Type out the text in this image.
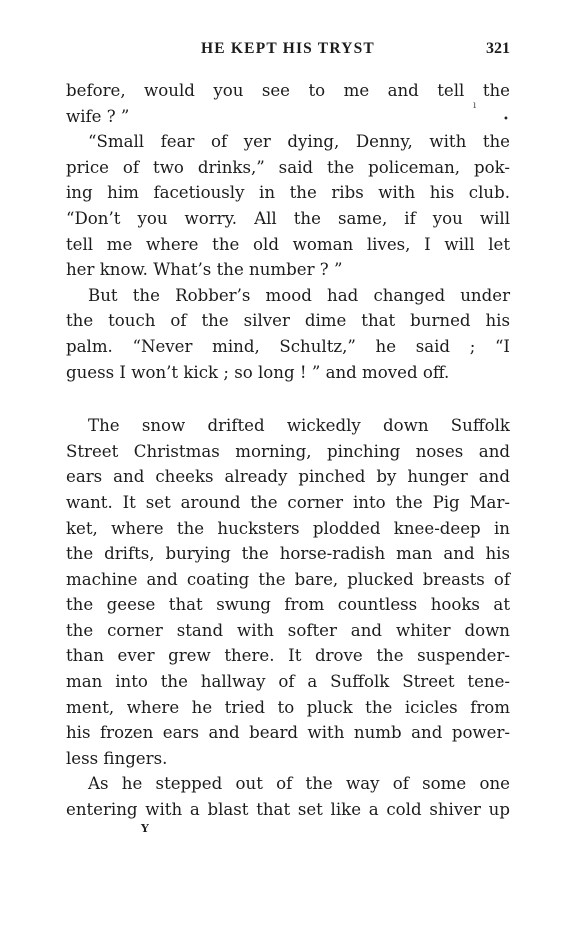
HE KEPT HIS TRYST	321
ı
•
before, would you see to me and tell the
wife ? ”
“Small fear of yer dying, Denny, with the
price of two drinks,” said the policeman, pok-
ing him facetiously in the ribs with his club.
“Don’t you worry. All the same, if you will
tell me where the old woman lives, I will let
her know. What’s the number ? ”
But the Robber’s mood had changed under
the touch of the silver dime that burned his
palm. “Never mind, Schultz,” he said ; “I
guess I won’t kick ; so long ! ” and moved off.
The snow drifted wickedly down Suffolk
Street Christmas morning, pinching noses and
ears and cheeks already pinched by hunger and
want. It set around the corner into the Pig Mar-
ket, where the hucksters plodded knee-deep in
the drifts, burying the horse-radish man and his
machine and coating the bare, plucked breasts of
the geese that swung from countless hooks at
the corner stand with softer and whiter down
than ever grew there. It drove the suspender-
man into the hallway of a Suffolk Street tene-
ment, where he tried to pluck the icicles from
his frozen ears and beard with numb and power-
less fingers.
As he stepped out of the way of some one
entering with a blast that set like a cold shiver up
Y
